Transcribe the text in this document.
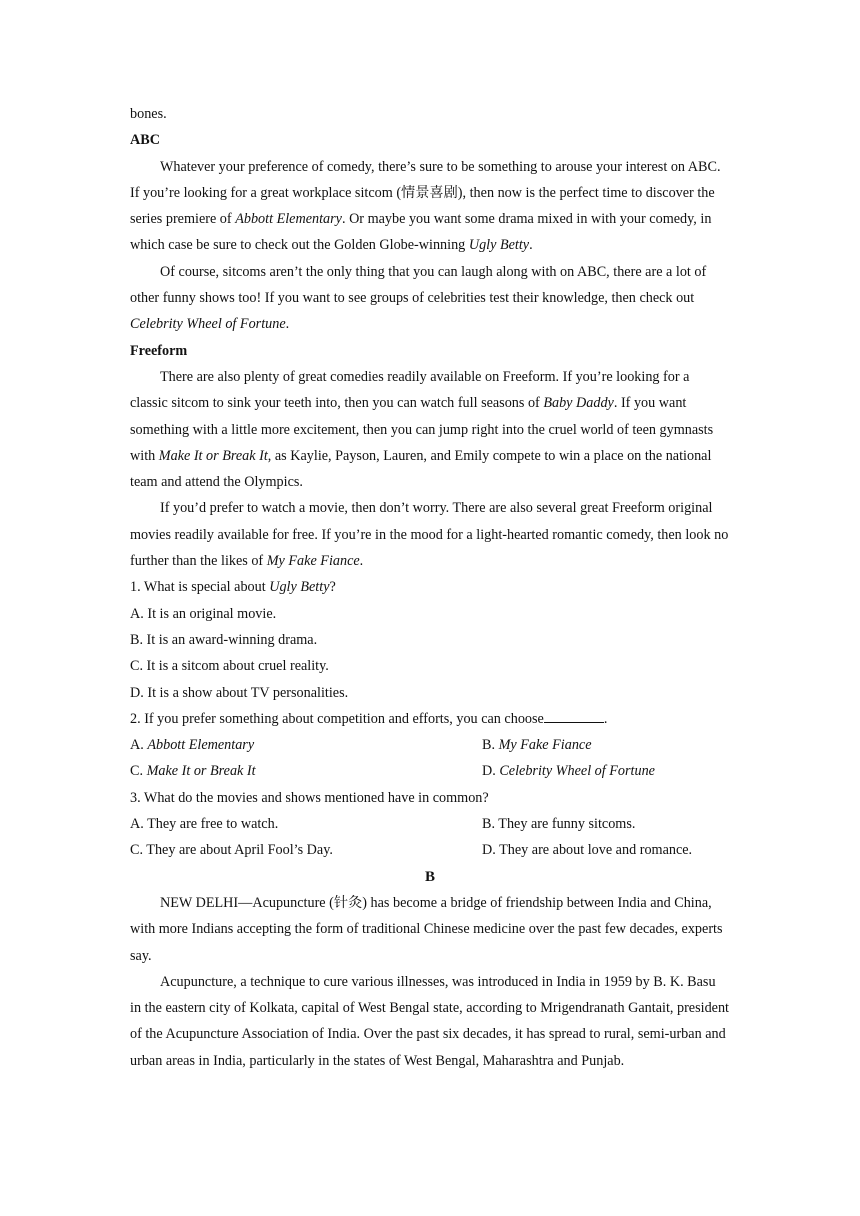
bones.

ABC

Whatever your preference of comedy, there’s sure to be something to arouse your interest on ABC. If you’re looking for a great workplace sitcom (情景喜剧), then now is the perfect time to discover the series premiere of Abbott Elementary. Or maybe you want some drama mixed in with your comedy, in which case be sure to check out the Golden Globe-winning Ugly Betty.

Of course, sitcoms aren’t the only thing that you can laugh along with on ABC, there are a lot of other funny shows too! If you want to see groups of celebrities test their knowledge, then check out Celebrity Wheel of Fortune.

Freeform

There are also plenty of great comedies readily available on Freeform. If you’re looking for a classic sitcom to sink your teeth into, then you can watch full seasons of Baby Daddy. If you want something with a little more excitement, then you can jump right into the cruel world of teen gymnasts with Make It or Break It, as Kaylie, Payson, Lauren, and Emily compete to win a place on the national team and attend the Olympics.

If you’d prefer to watch a movie, then don’t worry. There are also several great Freeform original movies readily available for free. If you’re in the mood for a light-hearted romantic comedy, then look no further than the likes of My Fake Fiance.

1. What is special about Ugly Betty?

A. It is an original movie.

B. It is an award-winning drama.

C. It is a sitcom about cruel reality.

D. It is a show about TV personalities.

2. If you prefer something about competition and efforts, you can choose	.

A. Abbott Elementary	B. My Fake Fiance
C. Make It or Break It	D. Celebrity Wheel of Fortune

3. What do the movies and shows mentioned have in common?

A. They are free to watch.	B. They are funny sitcoms.
C. They are about April Fool’s Day.	D. They are about love and romance.

B

NEW DELHI—Acupuncture (针灸) has become a bridge of friendship between India and China, with more Indians accepting the form of traditional Chinese medicine over the past few decades, experts say.

Acupuncture, a technique to cure various illnesses, was introduced in India in 1959 by B. K. Basu in the eastern city of Kolkata, capital of West Bengal state, according to Mrigendranath Gantait, president of the Acupuncture Association of India. Over the past six decades, it has spread to rural, semi-urban and urban areas in India, particularly in the states of West Bengal, Maharashtra and Punjab.
